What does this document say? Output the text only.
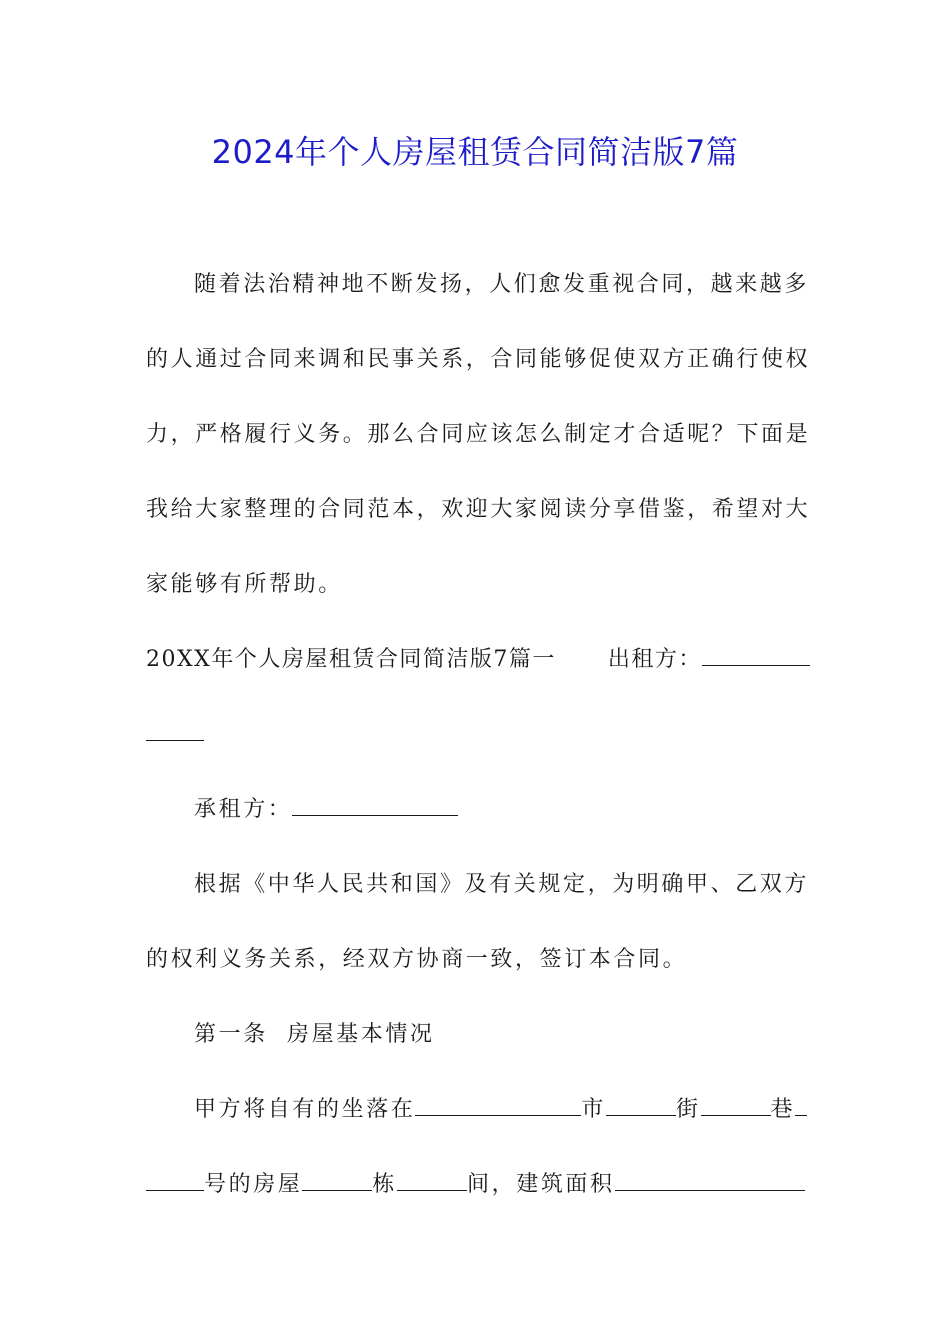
2024年个人房屋租赁合同简洁版7篇
随着法治精神地不断发扬，人们愈发重视合同，越来越多
的人通过合同来调和民事关系，合同能够促使双方正确行使权
力，严格履行义务。那么合同应该怎么制定才合适呢？下面是
我给大家整理的合同范本，欢迎大家阅读分享借鉴，希望对大
家能够有所帮助。
20XX年个人房屋租赁合同简洁版7篇一 出租方：
承租方：
根据《中华人民共和国》及有关规定，为明确甲、乙双方
的权利义务关系，经双方协商一致，签订本合同。
第一条  房屋基本情况
甲方将自有的坐落在	市	街	巷
号的房屋	栋	间，建筑面积
